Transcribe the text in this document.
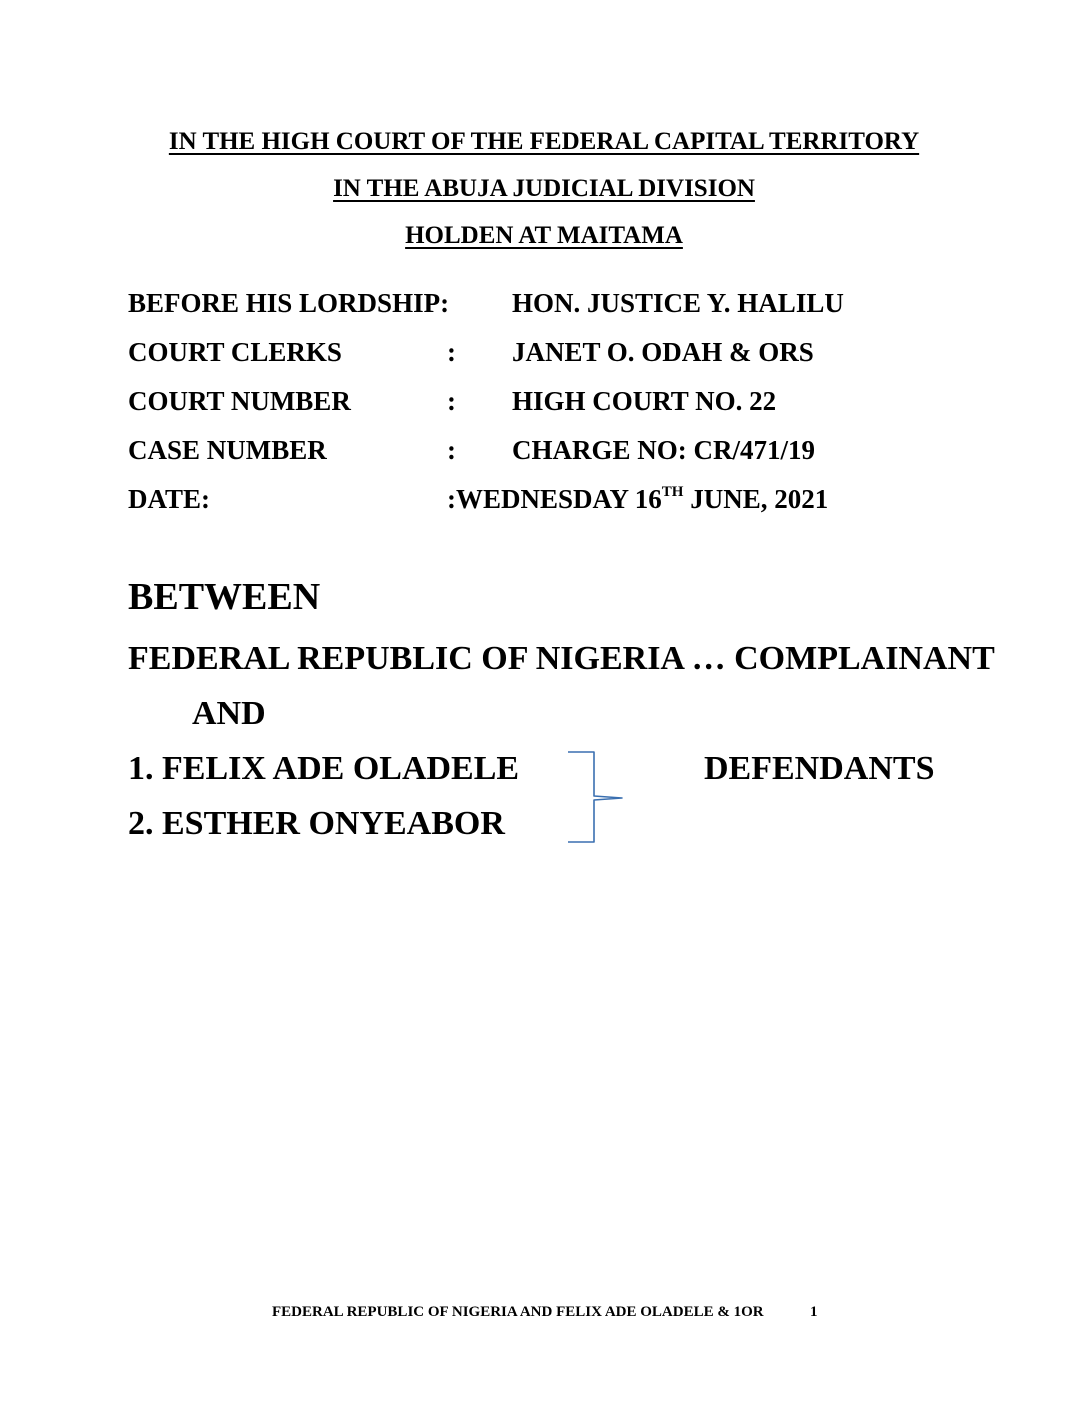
IN THE HIGH COURT OF THE FEDERAL CAPITAL TERRITORY
IN THE ABUJA JUDICIAL DIVISION
HOLDEN AT MAITAMA
BEFORE HIS LORDSHIP: HON. JUSTICE Y. HALILU
COURT CLERKS	: JANET O. ODAH & ORS
COURT NUMBER	: HIGH COURT NO. 22
CASE NUMBER	: CHARGE NO: CR/471/19
DATE:	:WEDNESDAY 16TH JUNE, 2021
BETWEEN
FEDERAL REPUBLIC OF NIGERIA … COMPLAINANT
AND
1. FELIX ADE OLADELE
2. ESTHER ONYEABOR
DEFENDANTS
FEDERAL REPUBLIC OF NIGERIA AND FELIX ADE OLADELE & 1OR	1
